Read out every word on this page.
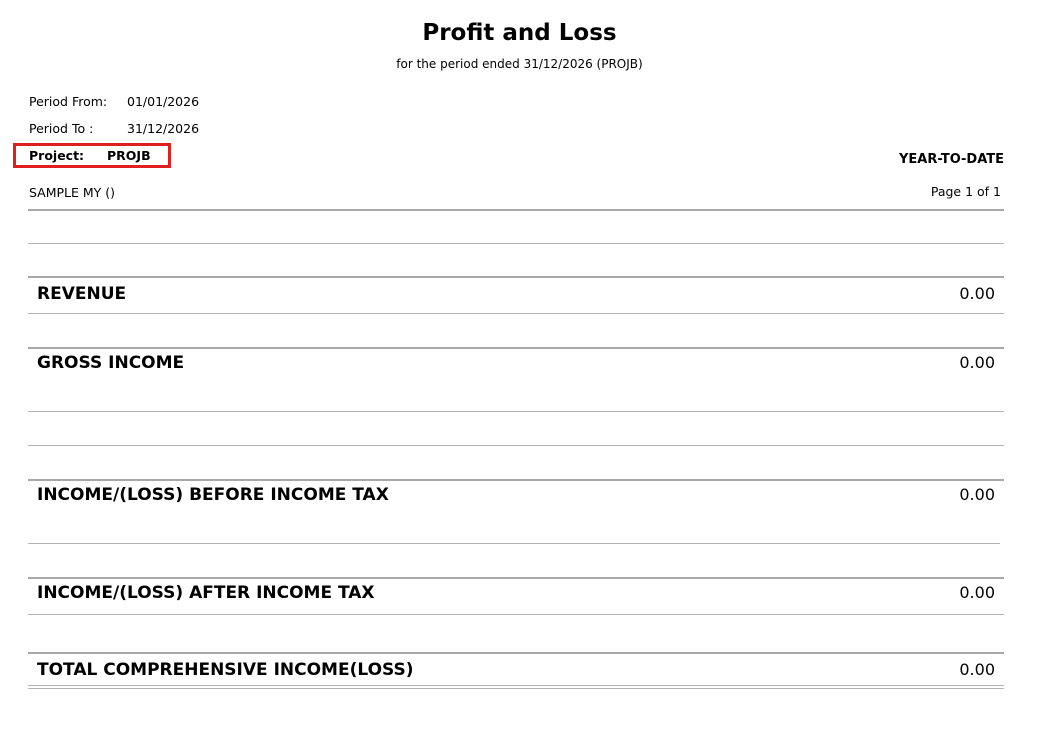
Profit and Loss
for the period ended 31/12/2026 (PROJB)
Period From: 01/01/2026
Period To :	31/12/2026
Project: PROJB	YEAR-TO-DATE
SAMPLE MY ()	Page 1 of 1
REVENUE	0.00
GROSS INCOME	0.00
INCOME/(LOSS) BEFORE INCOME TAX	0.00
INCOME/(LOSS) AFTER INCOME TAX	0.00
TOTAL COMPREHENSIVE INCOME(LOSS)	0.00
